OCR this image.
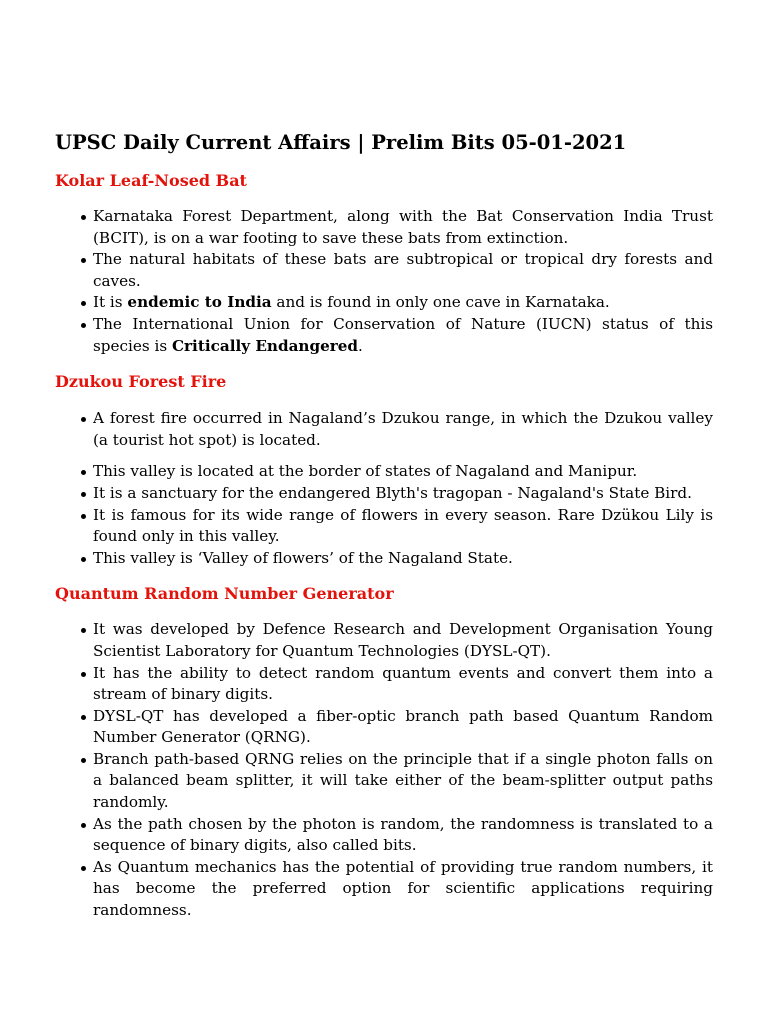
UPSC Daily Current Affairs | Prelim Bits 05-01-2021
Kolar Leaf-Nosed Bat
Karnataka Forest Department, along with the Bat Conservation India Trust (BCIT), is on a war footing to save these bats from extinction.
The natural habitats of these bats are subtropical or tropical dry forests and caves.
It is endemic to India and is found in only one cave in Karnataka.
The International Union for Conservation of Nature (IUCN) status of this species is Critically Endangered.
Dzukou Forest Fire
A forest fire occurred in Nagaland’s Dzukou range, in which the Dzukou valley (a tourist hot spot) is located.
This valley is located at the border of states of Nagaland and Manipur.
It is a sanctuary for the endangered Blyth's tragopan - Nagaland's State Bird.
It is famous for its wide range of flowers in every season. Rare Dzükou Lily is found only in this valley.
This valley is ‘Valley of flowers’ of the Nagaland State.
Quantum Random Number Generator
It was developed by Defence Research and Development Organisation Young Scientist Laboratory for Quantum Technologies (DYSL-QT).
It has the ability to detect random quantum events and convert them into a stream of binary digits.
DYSL-QT has developed a fiber-optic branch path based Quantum Random Number Generator (QRNG).
Branch path-based QRNG relies on the principle that if a single photon falls on a balanced beam splitter, it will take either of the beam-splitter output paths randomly.
As the path chosen by the photon is random, the randomness is translated to a sequence of binary digits, also called bits.
As Quantum mechanics has the potential of providing true random numbers, it has become the preferred option for scientific applications requiring randomness.
